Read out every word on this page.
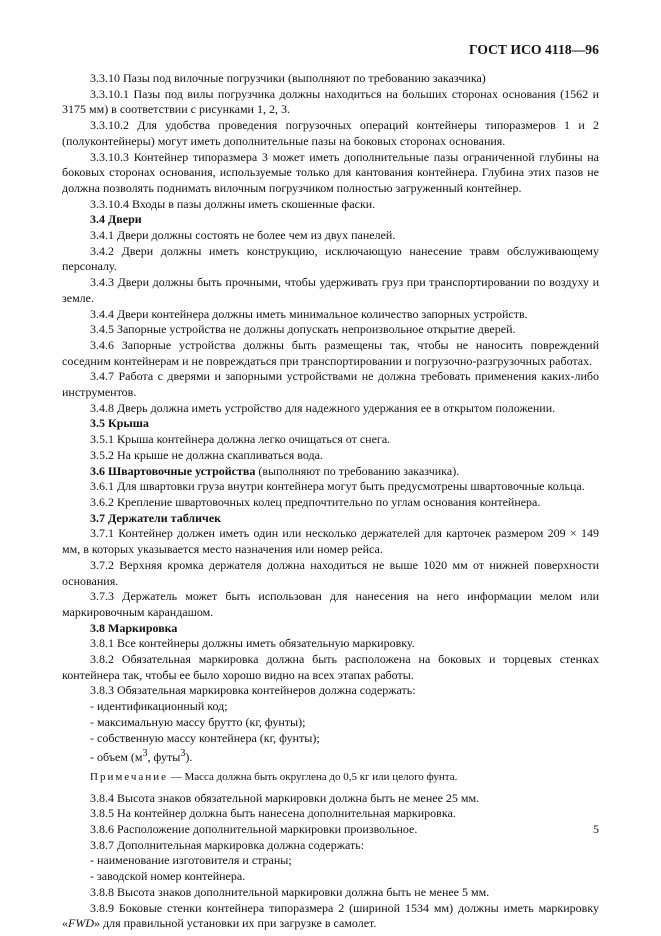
ГОСТ ИСО 4118—96

3.3.10 Пазы под вилочные погрузчики (выполняют по требованию заказчика)

3.3.10.1 Пазы под вилы погрузчика должны находиться на больших сторонах основания (1562 и 3175 мм) в соответствии с рисунками 1, 2, 3.

3.3.10.2 Для удобства проведения погрузочных операций контейнеры типоразмеров 1 и 2 (полуконтейнеры) могут иметь дополнительные пазы на боковых сторонах основания.

3.3.10.3 Контейнер типоразмера 3 может иметь дополнительные пазы ограниченной глубины на боковых сторонах основания, используемые только для кантования контейнера. Глубина этих пазов не должна позволять поднимать вилочным погрузчиком полностью загруженный контейнер.

3.3.10.4 Входы в пазы должны иметь скошенные фаски.

3.4 Двери

3.4.1 Двери должны состоять не более чем из двух панелей.

3.4.2 Двери должны иметь конструкцию, исключающую нанесение травм обслуживающему персоналу.

3.4.3 Двери должны быть прочными, чтобы удерживать груз при транспортировании по воздуху и земле.

3.4.4 Двери контейнера должны иметь минимальное количество запорных устройств.

3.4.5 Запорные устройства не должны допускать непроизвольное открытие дверей.

3.4.6 Запорные устройства должны быть размещены так, чтобы не наносить повреждений соседним контейнерам и не повреждаться при транспортировании и погрузочно-разгрузочных работах.

3.4.7 Работа с дверями и запорными устройствами не должна требовать применения каких-либо инструментов.

3.4.8 Дверь должна иметь устройство для надежного удержания ее в открытом положении.

3.5 Крыша

3.5.1 Крыша контейнера должна легко очищаться от снега.

3.5.2 На крыше не должна скапливаться вода.

3.6 Швартовочные устройства (выполняют по требованию заказчика).

3.6.1 Для швартовки груза внутри контейнера могут быть предусмотрены швартовочные кольца.

3.6.2 Крепление швартовочных колец предпочтительно по углам основания контейнера.

3.7 Держатели табличек

3.7.1 Контейнер должен иметь один или несколько держателей для карточек размером 209 × 149 мм, в которых указывается место назначения или номер рейса.

3.7.2 Верхняя кромка держателя должна находиться не выше 1020 мм от нижней поверхности основания.

3.7.3 Держатель может быть использован для нанесения на него информации мелом или маркировочным карандашом.

3.8 Маркировка

3.8.1 Все контейнеры должны иметь обязательную маркировку.

3.8.2 Обязательная маркировка должна быть расположена на боковых и торцевых стенках контейнера так, чтобы ее было хорошо видно на всех этапах работы.

3.8.3 Обязательная маркировка контейнеров должна содержать:

- идентификационный код;

- максимальную массу брутто (кг, фунты);

- собственную массу контейнера (кг, фунты);

- объем ($м^3$, футы$^3$).

Примечание — Масса должна быть округлена до 0,5 кг или целого фунта.

3.8.4 Высота знаков обязательной маркировки должна быть не менее 25 мм.

3.8.5 На контейнер должна быть нанесена дополнительная маркировка.

3.8.6 Расположение дополнительной маркировки произвольное.

3.8.7 Дополнительная маркировка должна содержать:

- наименование изготовителя и страны;

- заводской номер контейнера.

3.8.8 Высота знаков дополнительной маркировки должна быть не менее 5 мм.

3.8.9 Боковые стенки контейнера типоразмера 2 (шириной 1534 мм) должны иметь маркировку «FWD» для правильной установки их при загрузке в самолет.

5
